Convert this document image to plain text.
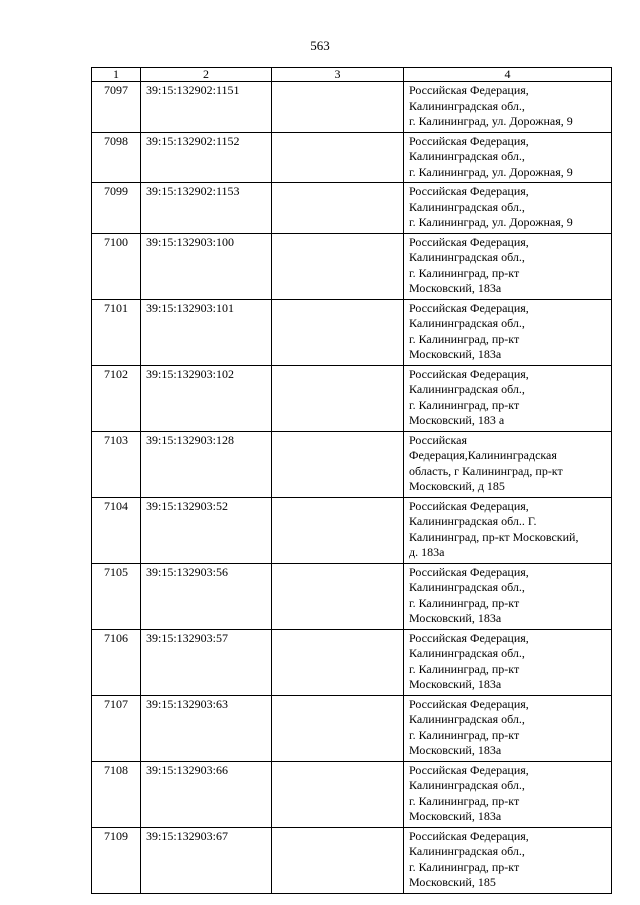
563
1	2	3	4
7097	39:15:132902:1151		Российская Федерация,
Калининградская обл.,
г. Калининград, ул. Дорожная, 9
7098	39:15:132902:1152		Российская Федерация,
Калининградская обл.,
г. Калининград, ул. Дорожная, 9
7099	39:15:132902:1153		Российская Федерация,
Калининградская обл.,
г. Калининград, ул. Дорожная, 9
7100	39:15:132903:100		Российская Федерация,
Калининградская обл.,
г. Калининград, пр-кт
Московский, 183а
7101	39:15:132903:101		Российская Федерация,
Калининградская обл.,
г. Калининград, пр-кт
Московский, 183а
7102	39:15:132903:102		Российская Федерация,
Калининградская обл.,
г. Калининград, пр-кт
Московский, 183 а
7103	39:15:132903:128		Российская
Федерация,Калининградская
область, г Калининград, пр-кт
Московский, д 185
7104	39:15:132903:52		Российская Федерация,
Калининградская обл.. Г.
Калининград, пр-кт Московский,
д. 183а
7105	39:15:132903:56		Российская Федерация,
Калининградская обл.,
г. Калининград, пр-кт
Московский, 183а
7106	39:15:132903:57		Российская Федерация,
Калининградская обл.,
г. Калининград, пр-кт
Московский, 183а
7107	39:15:132903:63		Российская Федерация,
Калининградская обл.,
г. Калининград, пр-кт
Московский, 183а
7108	39:15:132903:66		Российская Федерация,
Калининградская обл.,
г. Калининград, пр-кт
Московский, 183а
7109	39:15:132903:67		Российская Федерация,
Калининградская обл.,
г. Калининград, пр-кт
Московский, 185
